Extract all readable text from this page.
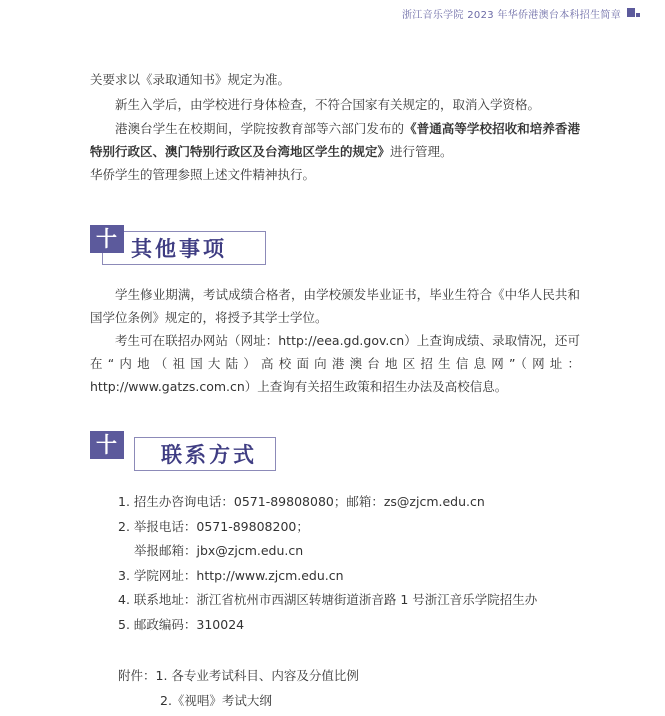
浙江音乐学院 2023 年华侨港澳台本科招生简章

关要求以《录取通知书》规定为准。

新生入学后，由学校进行身体检查，不符合国家有关规定的，取消入学资格。

港澳台学生在校期间，学院按教育部等六部门发布的《普通高等学校招收和培养香港特别行政区、澳门特别行政区及台湾地区学生的规定》进行管理。

华侨学生的管理参照上述文件精神执行。

其他事项
十

学生修业期满，考试成绩合格者，由学校颁发毕业证书，毕业生符合《中华人民共和国学位条例》规定的，将授予其学士学位。

考生可在联招办网站（网址：http://eea.gd.gov.cn）上查询成绩、录取情况，还可在“内地（祖国大陆）高校面向港澳台地区招生信息网”（网址：http://www.gatzs.com.cn）上查询有关招生政策和招生办法及高校信息。

联系方式
十一
1. 招生办咨询电话：0571-89808080；邮箱：zs@zjcm.edu.cn
2. 举报电话：0571-89808200；
举报邮箱：jbx@zjcm.edu.cn
3. 学院网址：http://www.zjcm.edu.cn
4. 联系地址：浙江省杭州市西湖区转塘街道浙音路 1 号浙江音乐学院招生办
5. 邮政编码：310024
附件：1. 各专业考试科目、内容及分值比例
2.《视唱》考试大纲
